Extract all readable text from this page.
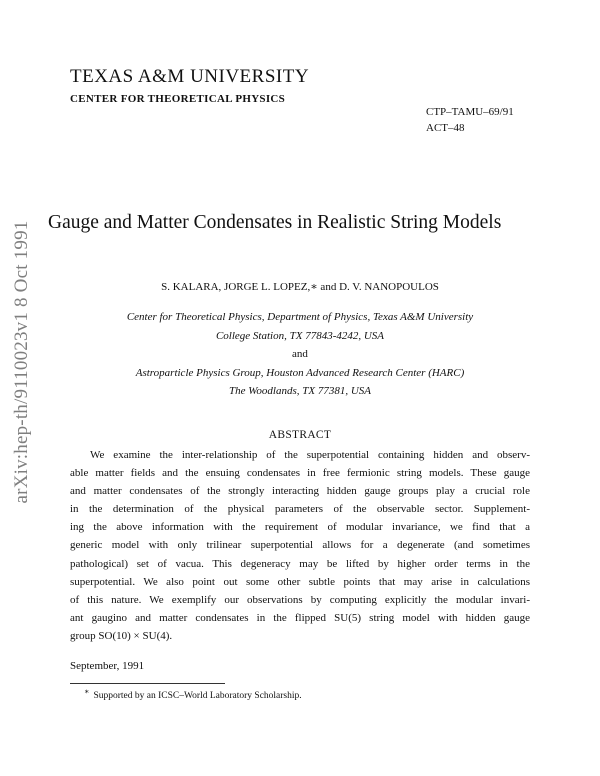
arXiv:hep-th/9110023v1 8 Oct 1991
TEXAS A&M UNIVERSITY
CENTER FOR THEORETICAL PHYSICS
CTP–TAMU–69/91
ACT–48
Gauge and Matter Condensates in Realistic String Models
S. KALARA, JORGE L. LOPEZ,∗ and D. V. NANOPOULOS
Center for Theoretical Physics, Department of Physics, Texas A&M University
College Station, TX 77843-4242, USA
and
Astroparticle Physics Group, Houston Advanced Research Center (HARC)
The Woodlands, TX 77381, USA
ABSTRACT
We examine the inter-relationship of the superpotential containing hidden and observ-
able matter fields and the ensuing condensates in free fermionic string models. These gauge
and matter condensates of the strongly interacting hidden gauge groups play a crucial role
in the determination of the physical parameters of the observable sector. Supplement-
ing the above information with the requirement of modular invariance, we find that a
generic model with only trilinear superpotential allows for a degenerate (and sometimes
pathological) set of vacua. This degeneracy may be lifted by higher order terms in the
superpotential. We also point out some other subtle points that may arise in calculations
of this nature. We exemplify our observations by computing explicitly the modular invari-
ant gaugino and matter condensates in the flipped SU(5) string model with hidden gauge
group SO(10) × SU(4).
September, 1991
∗ Supported by an ICSC–World Laboratory Scholarship.
